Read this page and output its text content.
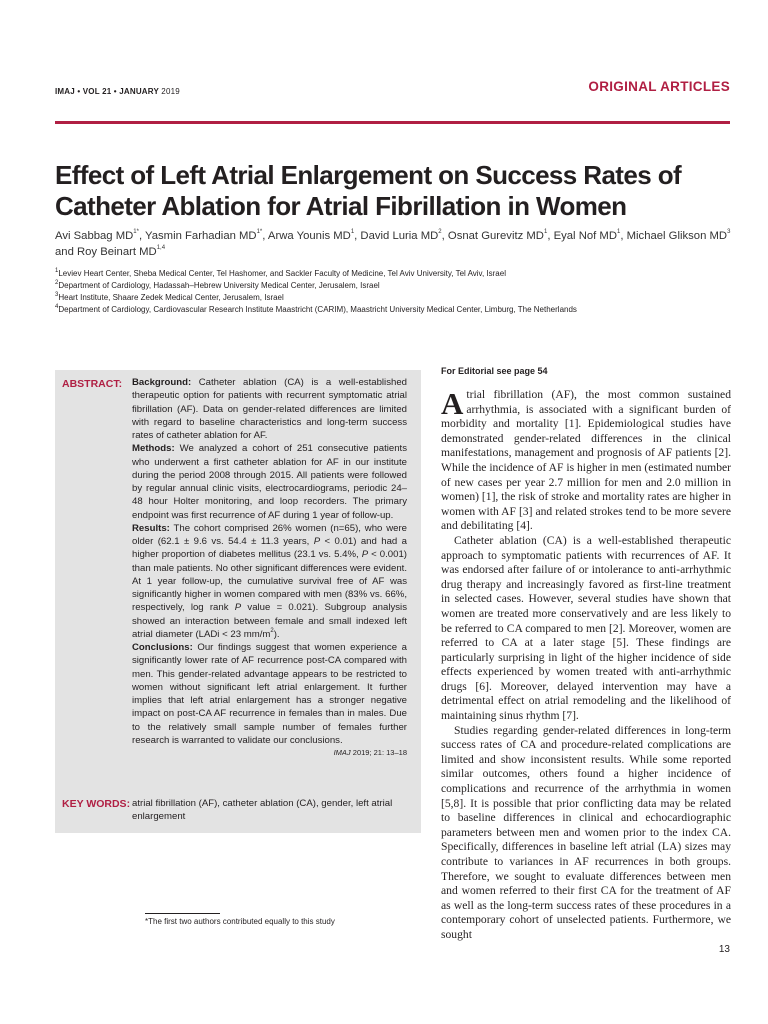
IMAJ • VOL 21 • JANUARY 2019	ORIGINAL ARTICLES
Effect of Left Atrial Enlargement on Success Rates of Catheter Ablation for Atrial Fibrillation in Women
Avi Sabbag $MD^{1*}$, Yasmin Farhadian $MD^{1*}$, Arwa Younis $MD^1$, David Luria $MD^2$, Osnat Gurevitz $MD^1$, Eyal Nof $MD^1$, Michael Glikson $MD^3$ and Roy Beinart MD$^{1,4}$
$^1$Leviev Heart Center, Sheba Medical Center, Tel Hashomer, and Sackler Faculty of Medicine, Tel Aviv University, Tel Aviv, Israel
$^2$Department of Cardiology, Hadassah–Hebrew University Medical Center, Jerusalem, Israel
$^3$Heart Institute, Shaare Zedek Medical Center, Jerusalem, Israel
$^4$Department of Cardiology, Cardiovascular Research Institute Maastricht (CARIM), Maastricht University Medical Center, Limburg, The Netherlands
ABSTRACT: Background: Catheter ablation (CA) is a well-established therapeutic option for patients with recurrent symptomatic atrial fibrillation (AF). Data on gender-related differences are limited with regard to baseline characteristics and long-term success rates of catheter ablation for AF.

Methods: We analyzed a cohort of 251 consecutive patients who underwent a first catheter ablation for AF in our institute during the period 2008 through 2015. All patients were followed by regular annual clinic visits, electrocardiograms, periodic 24–48 hour Holter monitoring, and loop recorders. The primary endpoint was first recurrence of AF during 1 year of follow-up.

Results: The cohort comprised 26% women (n=65), who were older (62.1 ± 9.6 vs. 54.4 ± 11.3 years, P < 0.01) and had a higher proportion of diabetes mellitus (23.1 vs. 5.4%, P < 0.001) than male patients. No other significant differences were evident. At 1 year follow-up, the cumulative survival free of AF was significantly higher in women compared with men (83% vs. 66%, respectively, log rank P value = 0.021). Subgroup analysis showed an interaction between female and small indexed left atrial diameter (LADi < 23 $mm/m^2$).

Conclusions: Our findings suggest that women experience a significantly lower rate of AF recurrence post-CA compared with men. This gender-related advantage appears to be restricted to women without significant left atrial enlargement. It further implies that left atrial enlargement has a stronger negative impact on post-CA AF recurrence in females than in males. Due to the relatively small sample number of females further research is warranted to validate our conclusions.

IMAJ 2019; 21: 13–18
KEY WORDS: atrial fibrillation (AF), catheter ablation (CA), gender, left atrial enlargement
*The first two authors contributed equally to this study
For Editorial see page 54

Atrial fibrillation (AF), the most common sustained arrhythmia, is associated with a significant burden of morbidity and mortality [1]. Epidemiological studies have demonstrated gender-related differences in the clinical manifestations, management and prognosis of AF patients [2]. While the incidence of AF is higher in men (estimated number of new cases per year 2.7 million for men and 2.0 million in women) [1], the risk of stroke and mortality rates are higher in women with AF [3] and related strokes tend to be more severe and debilitating [4].

Catheter ablation (CA) is a well-established therapeutic approach to symptomatic patients with recurrences of AF. It was endorsed after failure of or intolerance to anti-arrhythmic drug therapy and increasingly favored as first-line treatment in selected cases. However, several studies have shown that women are treated more conservatively and are less likely to be referred to CA compared to men [2]. Moreover, women are referred to CA at a later stage [5]. These findings are particularly surprising in light of the higher incidence of side effects experienced by women treated with anti-arrhythmic drugs [6]. Moreover, delayed intervention may have a detrimental effect on atrial remodeling and the likelihood of maintaining sinus rhythm [7].

Studies regarding gender-related differences in long-term success rates of CA and procedure-related complications are limited and show inconsistent results. While some reported similar outcomes, others found a higher incidence of complications and recurrence of the arrhythmia in women [5,8]. It is possible that prior conflicting data may be related to baseline differences in clinical and echocardiographic parameters between men and women prior to the index CA. Specifically, differences in baseline left atrial (LA) sizes may contribute to variances in AF recurrences in both groups. Therefore, we sought to evaluate differences between men and women referred to their first CA for the treatment of AF as well as the long-term success rates of these procedures in a contemporary cohort of unselected patients. Furthermore, we sought

13
